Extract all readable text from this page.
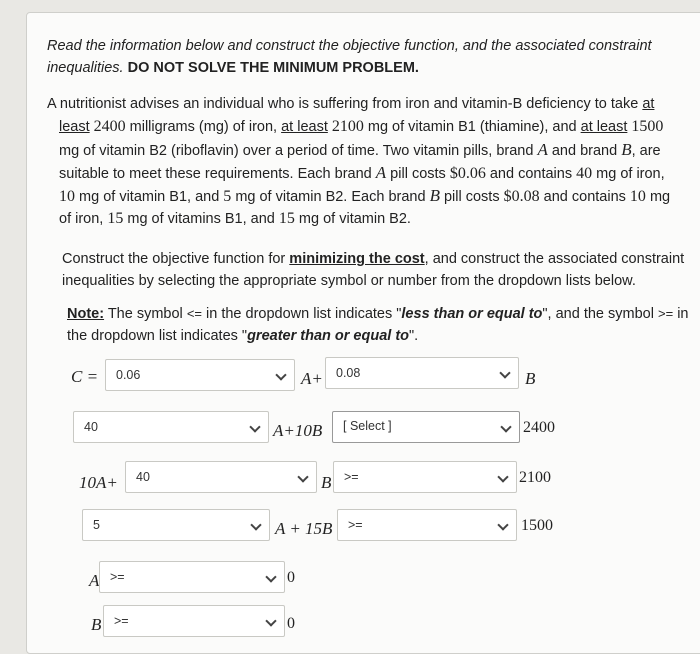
Read the information below and construct the objective function, and the associated constraint
inequalities. DO NOT SOLVE THE MINIMUM PROBLEM.
A nutritionist advises an individual who is suffering from iron and vitamin-B deficiency to take at
least 2400 milligrams (mg) of iron, at least 2100 mg of vitamin B1 (thiamine), and at least 1500
mg of vitamin B2 (riboflavin) over a period of time. Two vitamin pills, brand A and brand B, are
suitable to meet these requirements. Each brand A pill costs $0.06 and contains 40 mg of iron,
10 mg of vitamin B1, and 5 mg of vitamin B2. Each brand B pill costs $0.08 and contains 10 mg
of iron, 15 mg of vitamins B1, and 15 mg of vitamin B2.
Construct the objective function for minimizing the cost, and construct the associated constraint
inequalities by selecting the appropriate symbol or number from the dropdown lists below.
Note: The symbol <= in the dropdown list indicates "less than or equal to", and the symbol >= in
the dropdown list indicates "greater than or equal to".
C = 0.06	A+ 0.08	B
40	A+10B [ Select ]	2400
10A+ 40	B >=	2100
5	A + 15B >=	1500
A >=	0
B >=	0
